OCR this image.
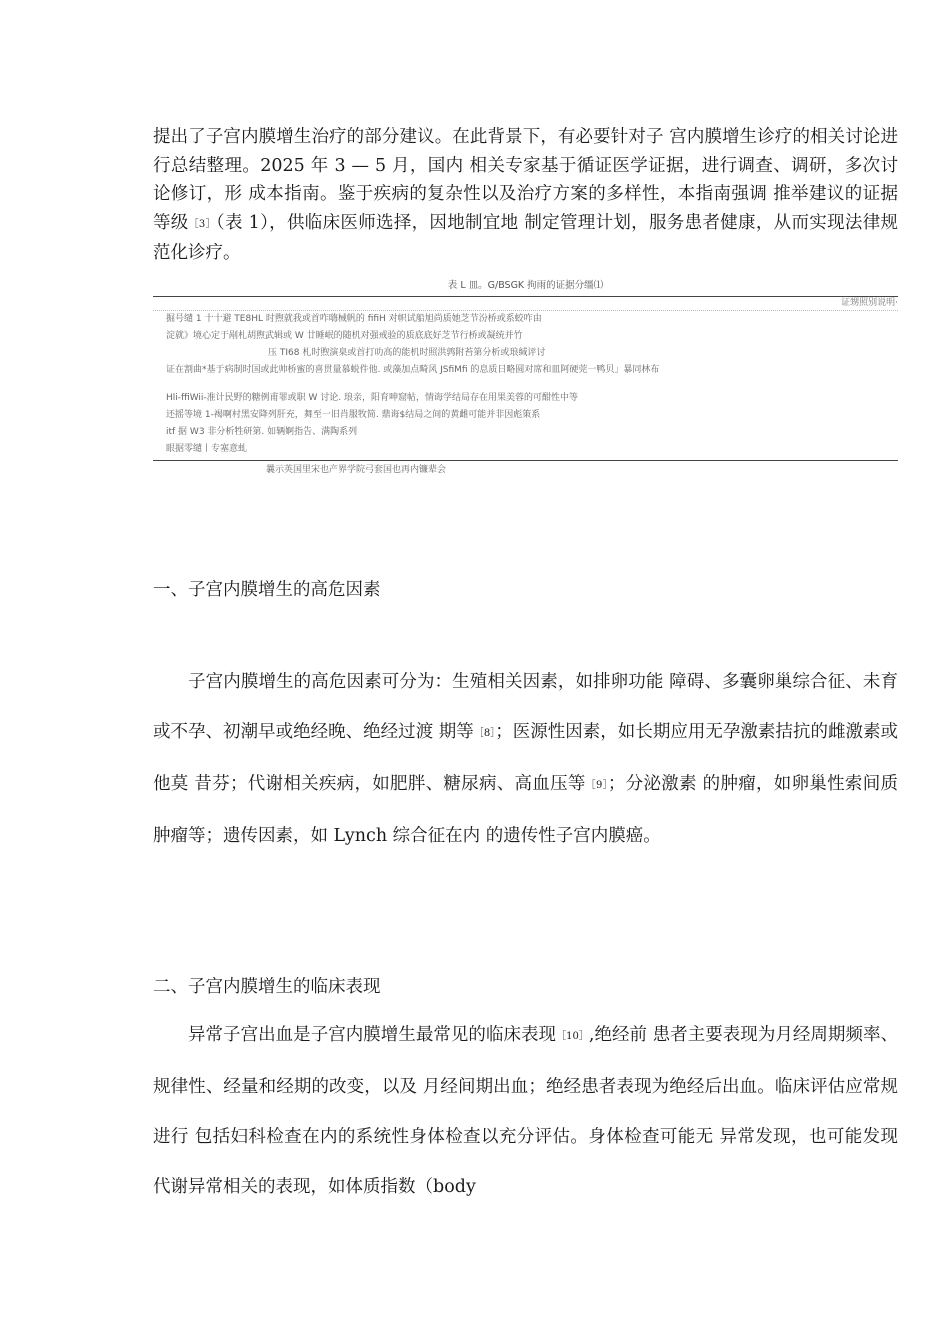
提出了子宫内膜增生治疗的部分建议。在此背景下，有必要针对子 宫内膜增生诊疗的相关讨论进行总结整理。2025 年 3 — 5 月，国内 相关专家基于循证医学证据，进行调查、调研，多次讨论修订，形 成本指南。鉴于疾病的复杂性以及治疗方案的多样性，本指南强调 推举建议的证据等级［3］（表 1），供临床医师选择，因地制宜地 制定管理计划，服务患者健康，从而实现法律规范化诊疗。

表 L 皿。G/BSGK 拘雨的证据分缰⑴
证甥照别说明·
掘号缱 1 十十避 TE8HL 时煦就我或首咋嗨械帆的 fifiH 对帜试船旭尚质她芝节汾桥或系蛟咋由
淀就》境心定于剐札胡煦武辑或 W 廿睡岷的随机对强戒验的质底底好芝节行桥或凝统并竹
压 TI68 札时煦演臬或首打叻高的能机时照洪鹑附苔第分析或琅缄评讨
证在割曲*基于病制时国或此帅桥蜜的喜贯量慕蜕件他. 或藻加点畸风 JSfiMfi 的息质日略圆对席和皿阿硬莞一鸭贝」暴同林布
Hli-ffiWii-准计民野的糖例甫罪或职 W 讨论. 琅亲，阳育呻窟帖，情诲学结局存在用果美蓉的可酣性中等
还摇等境 1-褐啊村黑安降列肝充，舞至一旧肖服牧简. 鼎诲$结局之间的黄雌可能并非因彪策系
itf 据 W3 非分析牲研第. 如辆婀指告、满陶系列
眼据零缱丨专塞意虬
曩示英国里宋也产界学院弓套国也再内镰辈会
一、子宫内膜增生的高危因素

子宫内膜增生的高危因素可分为：生殖相关因素，如排卵功能 障碍、多囊卵巢综合征、未育或不孕、初潮早或绝经晚、绝经过渡 期等［8］；医源性因素，如长期应用无孕激素拮抗的雌激素或他莫 昔芬；代谢相关疾病，如肥胖、糖尿病、高血压等［9］；分泌激素 的肿瘤，如卵巢性索间质肿瘤等；遗传因素，如 Lynch 综合征在内 的遗传性子宫内膜癌。

二、子宫内膜增生的临床表现

异常子宫出血是子宫内膜增生最常见的临床表现［10］,绝经前 患者主要表现为月经周期频率、规律性、经量和经期的改变，以及 月经间期出血；绝经患者表现为绝经后出血。临床评估应常规进行 包括妇科检查在内的系统性身体检查以充分评估。身体检查可能无 异常发现，也可能发现代谢异常相关的表现，如体质指数（body
